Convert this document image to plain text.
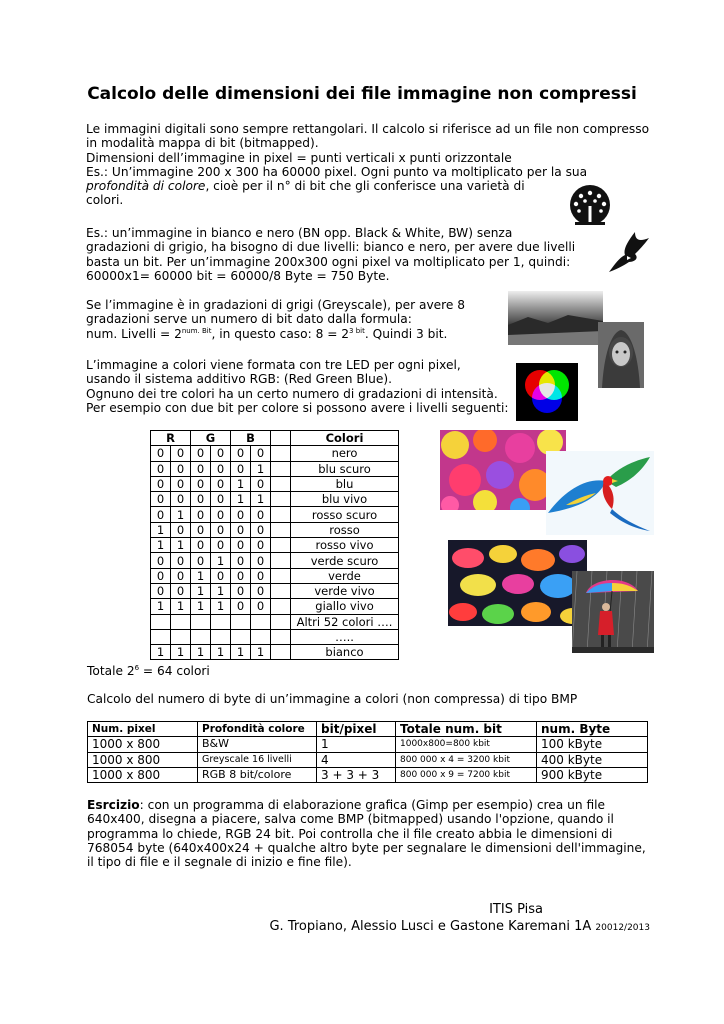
Calcolo delle dimensioni dei file immagine non compressi
Le immagini digitali sono sempre rettangolari. Il calcolo si riferisce ad un file non compresso
in modalità mappa di bit (bitmapped).
Dimensioni dell’immagine in pixel = punti verticali x punti orizzontale
Es.: Un’immagine 200 x 300 ha 60000 pixel. Ogni punto va moltiplicato per la sua
profondità di colore, cioè per il n° di bit che gli conferisce una varietà di
colori.
Es.: un’immagine in bianco e nero (BN opp. Black & White, BW) senza
gradazioni di grigio, ha bisogno di due livelli: bianco e nero, per avere due livelli
basta un bit. Per un’immagine 200x300 ogni pixel va moltiplicato per 1, quindi:
60000x1= 60000 bit = 60000/8 Byte = 750 Byte.
Se l’immagine è in gradazioni di grigi (Greyscale), per avere 8
gradazioni serve un numero di bit dato dalla formula:
num. Livelli = $2^{num. Bit}$, in questo caso: $8 = 2^{3 bit}$. Quindi 3 bit.
L’immagine a colori viene formata con tre LED per ogni pixel,
usando il sistema additivo RGB: (Red Green Blue).
Ognuno dei tre colori ha un certo numero di gradazioni di intensità.
Per esempio con due bit per colore si possono avere i livelli seguenti:
R		G		B			Colori
0	0	0	0	0	0		nero
0	0	0	0	0	1		blu scuro
0	0	0	0	1	0		blu
0	0	0	0	1	1		blu vivo
0	1	0	0	0	0		rosso scuro
1	0	0	0	0	0		rosso
1	1	0	0	0	0		rosso vivo
0	0	0	1	0	0		verde scuro
0	0	1	0	0	0		verde
0	0	1	1	0	0		verde vivo
1	1	1	1	0	0		giallo vivo
							Altri 52 colori ….
							…..
1	1	1	1	1	1		bianco
Totale $2^6 = 64$ colori
Calcolo del numero di byte di un’immagine a colori (non compressa) di tipo BMP
Num. pixel	Profondità colore	bit/pixel	Totale num. bit	num. Byte
1000 x 800	B&W	1	1000x800=800 kbit	100 kByte
1000 x 800	Greyscale 16 livelli	4	800 000 x 4 = 3200 kbit	400 kByte
1000 x 800	RGB 8 bit/colore	3 + 3 + 3	800 000 x 9 = 7200 kbit	900 kByte
Esrcizio: con un programma di elaborazione grafica (Gimp per esempio) crea un file
640x400, disegna a piacere, salva come BMP (bitmapped) usando l'opzione, quando il
programma lo chiede, RGB 24 bit. Poi controlla che il file creato abbia le dimensioni di
768054 byte (640x400x24 + qualche altro byte per segnalare le dimensioni dell'immagine,
il tipo di file e il segnale di inizio e fine file).
ITIS Pisa
G. Tropiano, Alessio Lusci e Gastone Karemani 1A 20012/2013
